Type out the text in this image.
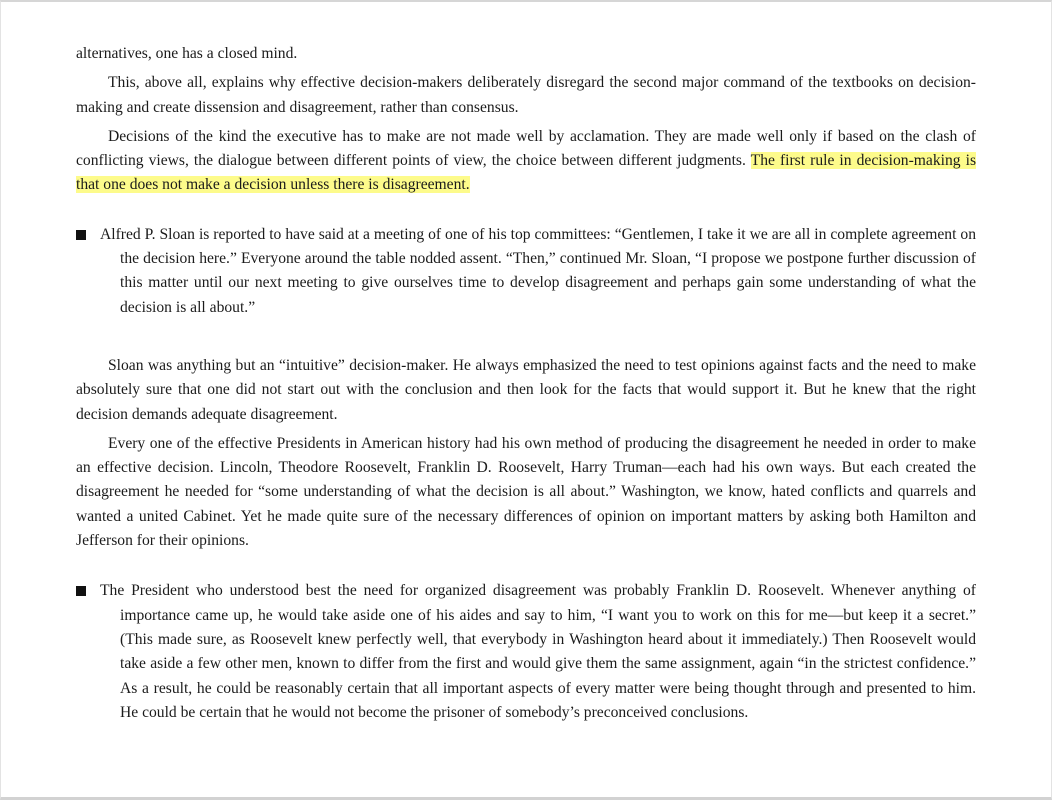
alternatives, one has a closed mind.

This, above all, explains why effective decision-makers deliberately disregard the second major command of the textbooks on decision-making and create dissension and disagreement, rather than consensus.

Decisions of the kind the executive has to make are not made well by acclamation. They are made well only if based on the clash of conflicting views, the dialogue between different points of view, the choice between different judgments. The first rule in decision-making is that one does not make a decision unless there is disagreement.

Alfred P. Sloan is reported to have said at a meeting of one of his top committees: “Gentlemen, I take it we are all in complete agreement on the decision here.” Everyone around the table nodded assent. “Then,” continued Mr. Sloan, “I propose we postpone further discussion of this matter until our next meeting to give ourselves time to develop disagreement and perhaps gain some understanding of what the decision is all about.”

Sloan was anything but an “intuitive” decision-maker. He always emphasized the need to test opinions against facts and the need to make absolutely sure that one did not start out with the conclusion and then look for the facts that would support it. But he knew that the right decision demands adequate disagreement.

Every one of the effective Presidents in American history had his own method of producing the disagreement he needed in order to make an effective decision. Lincoln, Theodore Roosevelt, Franklin D. Roosevelt, Harry Truman—each had his own ways. But each created the disagreement he needed for “some understanding of what the decision is all about.” Washington, we know, hated conflicts and quarrels and wanted a united Cabinet. Yet he made quite sure of the necessary differences of opinion on important matters by asking both Hamilton and Jefferson for their opinions.

The President who understood best the need for organized disagreement was probably Franklin D. Roosevelt. Whenever anything of importance came up, he would take aside one of his aides and say to him, “I want you to work on this for me—but keep it a secret.” (This made sure, as Roosevelt knew perfectly well, that everybody in Washington heard about it immediately.) Then Roosevelt would take aside a few other men, known to differ from the first and would give them the same assignment, again “in the strictest confidence.” As a result, he could be reasonably certain that all important aspects of every matter were being thought through and presented to him. He could be certain that he would not become the prisoner of somebody’s preconceived conclusions.
